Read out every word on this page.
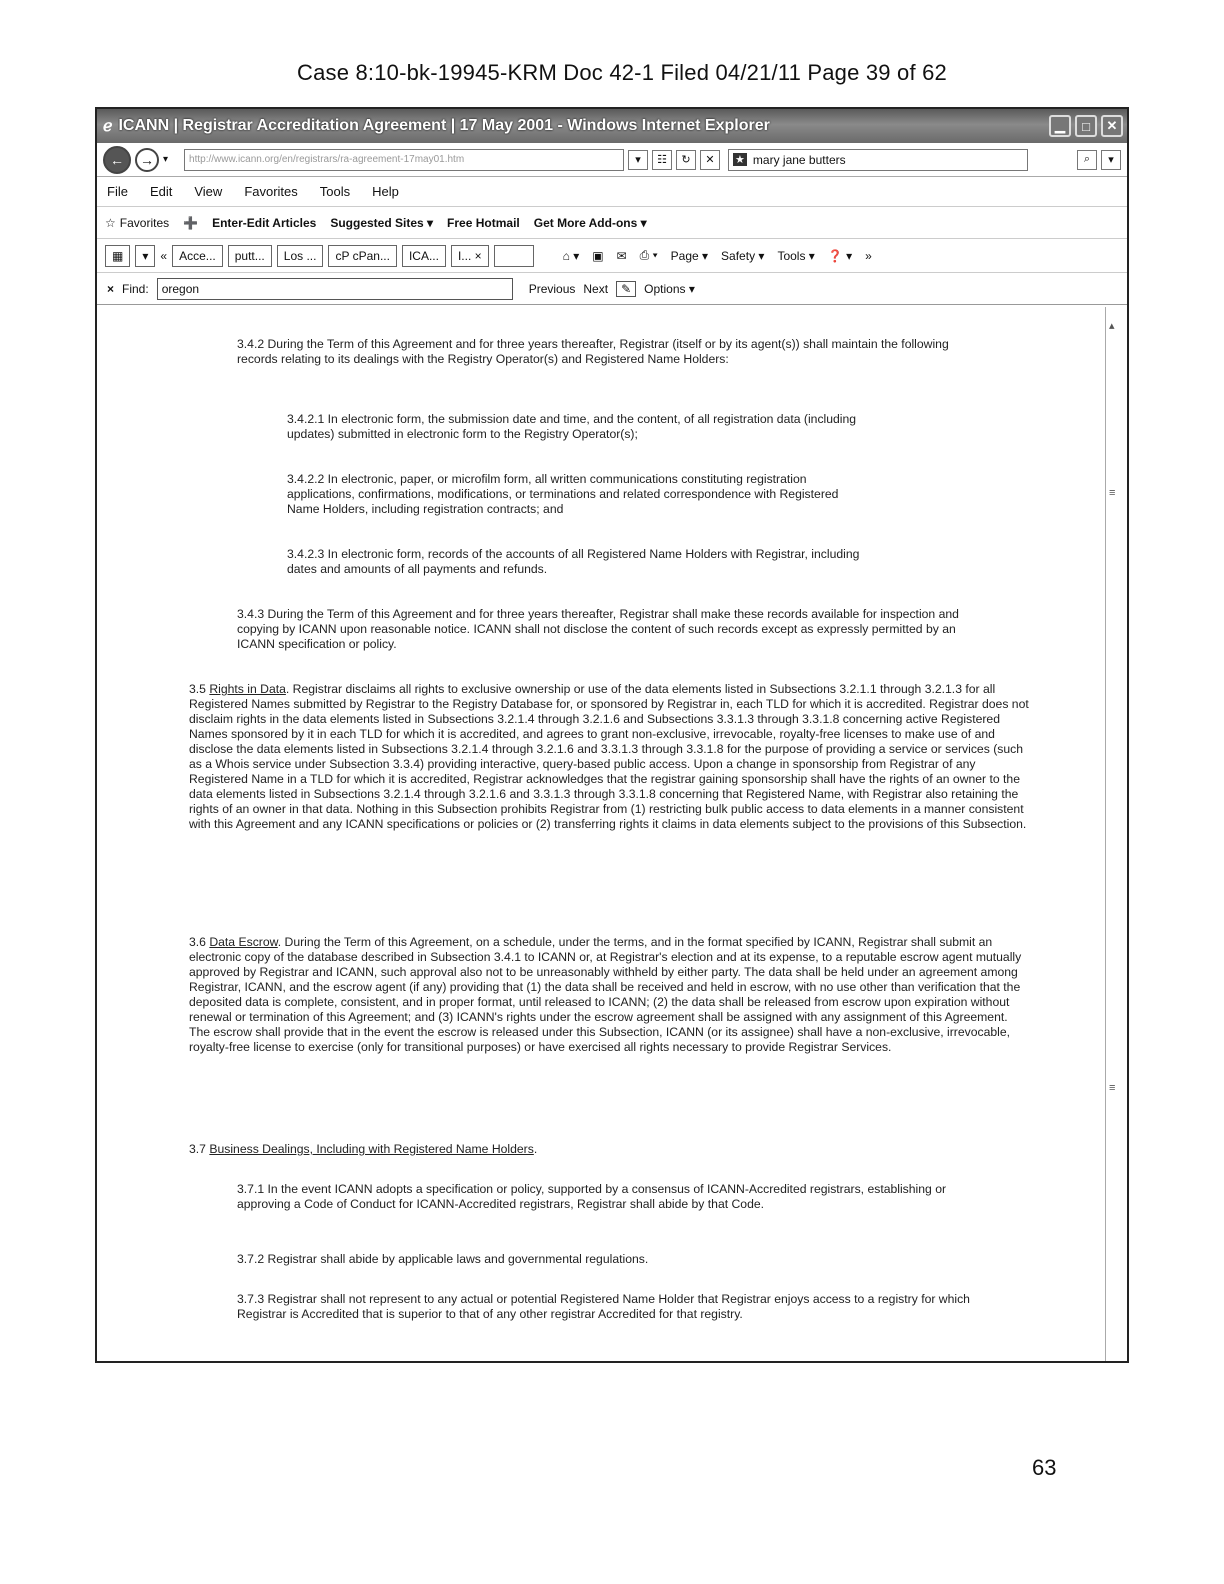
Case 8:10-bk-19945-KRM Doc 42-1 Filed 04/21/11 Page 39 of 62
ℯ ICANN | Registrar Accreditation Agreement | 17 May 2001 - Windows Internet Explorer	▁	□	✕
←	→ ▾	http://www.icann.org/en/registrars/ra-agreement-17may01.htm	▾	☷	↻	✕	★ mary jane butters	⌕	▾
File Edit View Favorites Tools Help
☆ Favorites ➕ Enter-Edit Articles Suggested Sites ▾ Free Hotmail Get More Add-ons ▾
▦	▾	«	Acce...	putt...	Los ...	cP cPan...	ICA...	I... ×	⌂ ▾	▣	✉	⎙ ▾	Page ▾	Safety ▾	Tools ▾	❓ ▾	»
× Find:	oregon	Previous Next	✎	Options ▾

3.4.2 During the Term of this Agreement and for three years thereafter, Registrar (itself or by its agent(s)) shall maintain the following records relating to its dealings with the Registry Operator(s) and Registered Name Holders:

3.4.2.1 In electronic form, the submission date and time, and the content, of all registration data (including updates) submitted in electronic form to the Registry Operator(s);

3.4.2.2 In electronic, paper, or microfilm form, all written communications constituting registration applications, confirmations, modifications, or terminations and related correspondence with Registered Name Holders, including registration contracts; and

3.4.2.3 In electronic form, records of the accounts of all Registered Name Holders with Registrar, including dates and amounts of all payments and refunds.

3.4.3 During the Term of this Agreement and for three years thereafter, Registrar shall make these records available for inspection and copying by ICANN upon reasonable notice. ICANN shall not disclose the content of such records except as expressly permitted by an ICANN specification or policy.

3.5 Rights in Data. Registrar disclaims all rights to exclusive ownership or use of the data elements listed in Subsections 3.2.1.1 through 3.2.1.3 for all Registered Names submitted by Registrar to the Registry Database for, or sponsored by Registrar in, each TLD for which it is accredited. Registrar does not disclaim rights in the data elements listed in Subsections 3.2.1.4 through 3.2.1.6 and Subsections 3.3.1.3 through 3.3.1.8 concerning active Registered Names sponsored by it in each TLD for which it is accredited, and agrees to grant non-exclusive, irrevocable, royalty-free licenses to make use of and disclose the data elements listed in Subsections 3.2.1.4 through 3.2.1.6 and 3.3.1.3 through 3.3.1.8 for the purpose of providing a service or services (such as a Whois service under Subsection 3.3.4) providing interactive, query-based public access. Upon a change in sponsorship from Registrar of any Registered Name in a TLD for which it is accredited, Registrar acknowledges that the registrar gaining sponsorship shall have the rights of an owner to the data elements listed in Subsections 3.2.1.4 through 3.2.1.6 and 3.3.1.3 through 3.3.1.8 concerning that Registered Name, with Registrar also retaining the rights of an owner in that data. Nothing in this Subsection prohibits Registrar from (1) restricting bulk public access to data elements in a manner consistent with this Agreement and any ICANN specifications or policies or (2) transferring rights it claims in data elements subject to the provisions of this Subsection.

3.6 Data Escrow. During the Term of this Agreement, on a schedule, under the terms, and in the format specified by ICANN, Registrar shall submit an electronic copy of the database described in Subsection 3.4.1 to ICANN or, at Registrar's election and at its expense, to a reputable escrow agent mutually approved by Registrar and ICANN, such approval also not to be unreasonably withheld by either party. The data shall be held under an agreement among Registrar, ICANN, and the escrow agent (if any) providing that (1) the data shall be received and held in escrow, with no use other than verification that the deposited data is complete, consistent, and in proper format, until released to ICANN; (2) the data shall be released from escrow upon expiration without renewal or termination of this Agreement; and (3) ICANN's rights under the escrow agreement shall be assigned with any assignment of this Agreement. The escrow shall provide that in the event the escrow is released under this Subsection, ICANN (or its assignee) shall have a non-exclusive, irrevocable, royalty-free license to exercise (only for transitional purposes) or have exercised all rights necessary to provide Registrar Services.

3.7 Business Dealings, Including with Registered Name Holders.

3.7.1 In the event ICANN adopts a specification or policy, supported by a consensus of ICANN-Accredited registrars, establishing or approving a Code of Conduct for ICANN-Accredited registrars, Registrar shall abide by that Code.

3.7.2 Registrar shall abide by applicable laws and governmental regulations.

3.7.3 Registrar shall not represent to any actual or potential Registered Name Holder that Registrar enjoys access to a registry for which Registrar is Accredited that is superior to that of any other registrar Accredited for that registry.

▴
≡
≡
63
